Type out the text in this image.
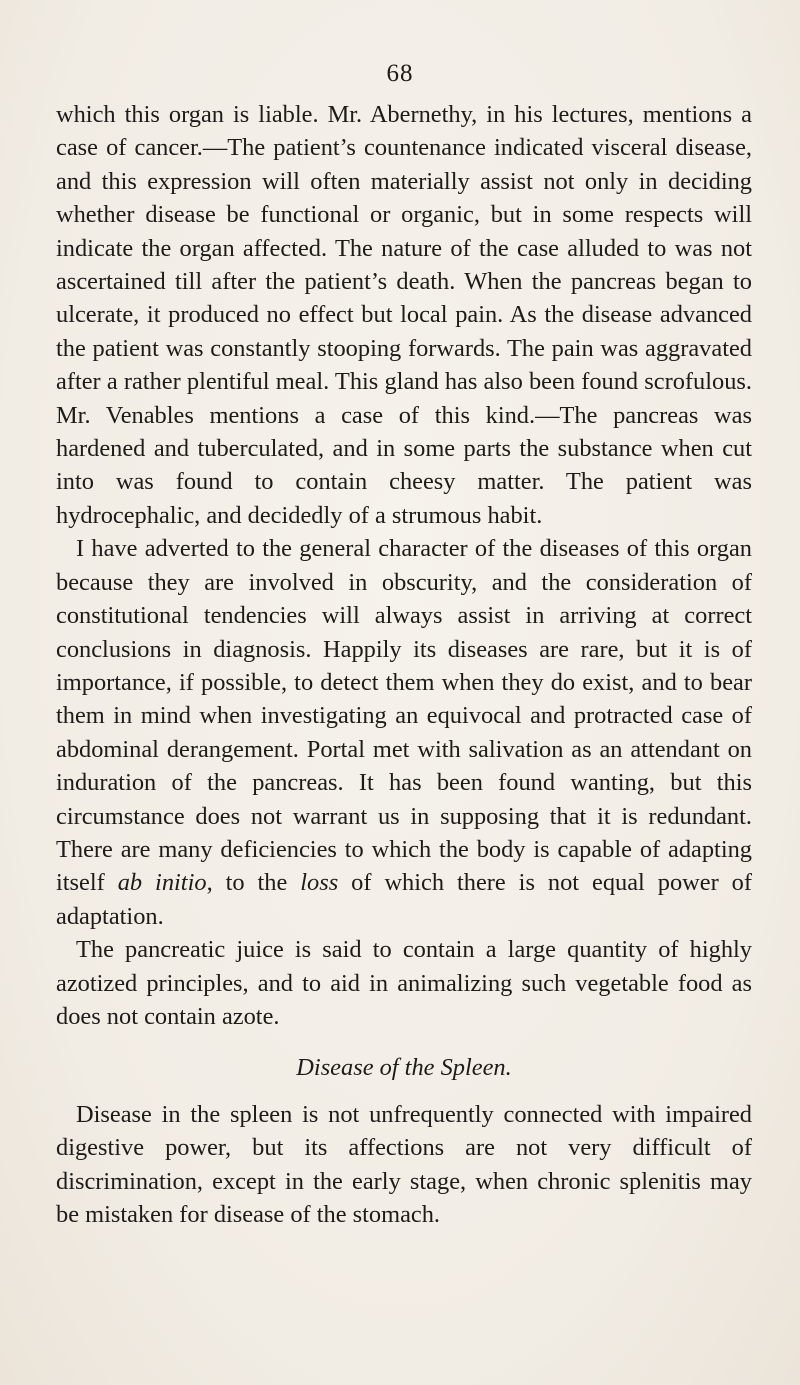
68

which this organ is liable. Mr. Abernethy, in his lectures, mentions a case of cancer.—The patient’s countenance indicated visceral disease, and this expression will often materially assist not only in deciding whether disease be functional or organic, but in some respects will indicate the organ affected. The nature of the case alluded to was not ascertained till after the patient’s death. When the pancreas began to ulcerate, it produced no effect but local pain. As the disease advanced the patient was constantly stooping forwards. The pain was aggravated after a rather plentiful meal. This gland has also been found scrofulous. Mr. Venables mentions a case of this kind.—The pancreas was hardened and tuberculated, and in some parts the substance when cut into was found to contain cheesy matter. The patient was hydrocephalic, and decidedly of a strumous habit.

I have adverted to the general character of the diseases of this organ because they are involved in obscurity, and the consideration of constitutional tendencies will always assist in arriving at correct conclusions in diagnosis. Happily its diseases are rare, but it is of importance, if possible, to detect them when they do exist, and to bear them in mind when investigating an equivocal and protracted case of abdominal derangement. Portal met with salivation as an attendant on induration of the pancreas. It has been found wanting, but this circumstance does not warrant us in supposing that it is redundant. There are many deficiencies to which the body is capable of adapting itself ab initio, to the loss of which there is not equal power of adaptation.

The pancreatic juice is said to contain a large quantity of highly azotized principles, and to aid in animalizing such vegetable food as does not contain azote.

Disease of the Spleen.

Disease in the spleen is not unfrequently connected with impaired digestive power, but its affections are not very difficult of discrimination, except in the early stage, when chronic splenitis may be mistaken for disease of the stomach.
